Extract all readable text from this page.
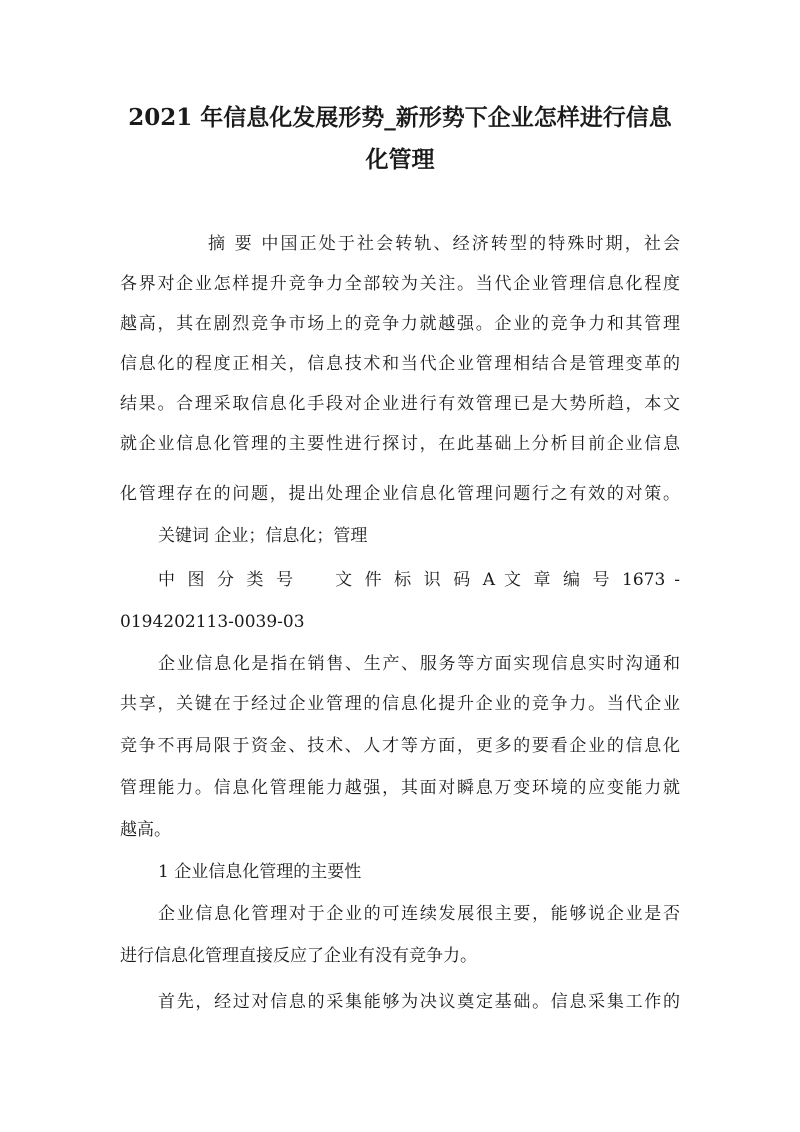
2021 年信息化发展形势_新形势下企业怎样进行信息
化管理

摘 要 中国正处于社会转轨、经济转型的特殊时期，社会

各界对企业怎样提升竞争力全部较为关注。当代企业管理信息化程度

越高，其在剧烈竞争市场上的竞争力就越强。企业的竞争力和其管理

信息化的程度正相关，信息技术和当代企业管理相结合是管理变革的

结果。合理采取信息化手段对企业进行有效管理已是大势所趋，本文

就企业信息化管理的主要性进行探讨，在此基础上分析目前企业信息

化管理存在的问题，提出处理企业信息化管理问题行之有效的对策。

关键词 企业；信息化；管理

中 图 分 类 号 　 文 件 标 识 码 A 文 章 编 号 1673 -

0194202113-0039-03

企业信息化是指在销售、生产、服务等方面实现信息实时沟通和

共享，关键在于经过企业管理的信息化提升企业的竞争力。当代企业

竞争不再局限于资金、技术、人才等方面，更多的要看企业的信息化

管理能力。信息化管理能力越强，其面对瞬息万变环境的应变能力就

越高。

1 企业信息化管理的主要性

企业信息化管理对于企业的可连续发展很主要，能够说企业是否

进行信息化管理直接反应了企业有没有竞争力。

首先，经过对信息的采集能够为决议奠定基础。信息采集工作的
